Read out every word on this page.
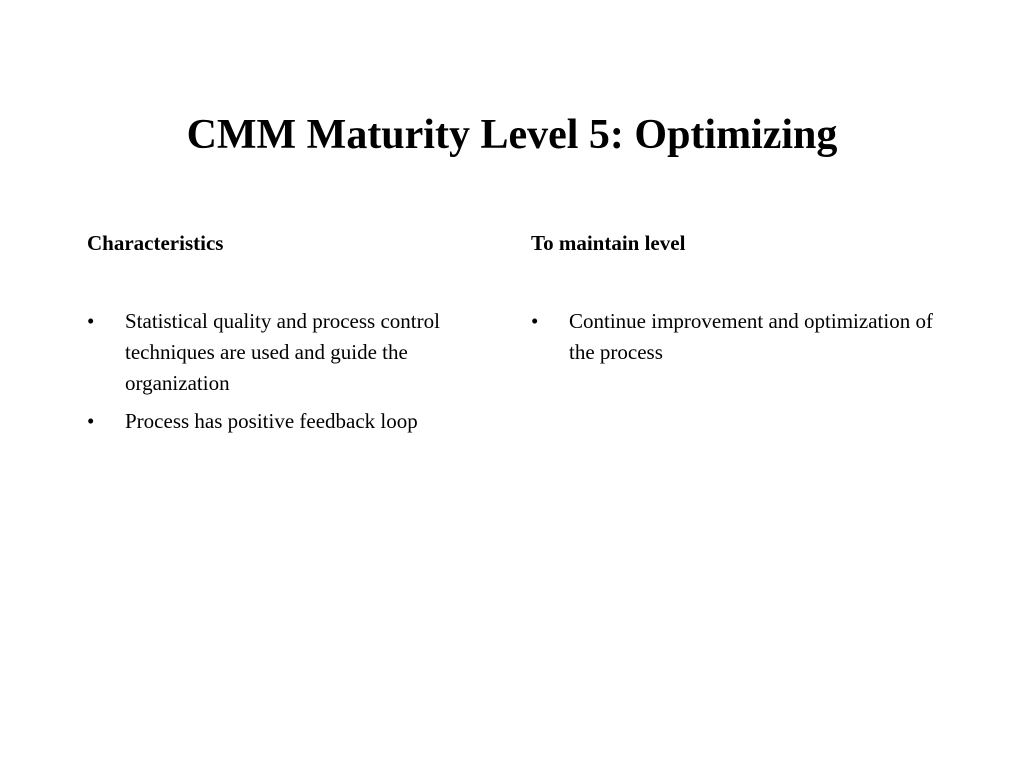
CMM Maturity Level 5: Optimizing
Characteristics
• Statistical quality and process control techniques are used and guide the organization
• Process has positive feedback loop
To maintain level
• Continue improvement and optimization of the process
